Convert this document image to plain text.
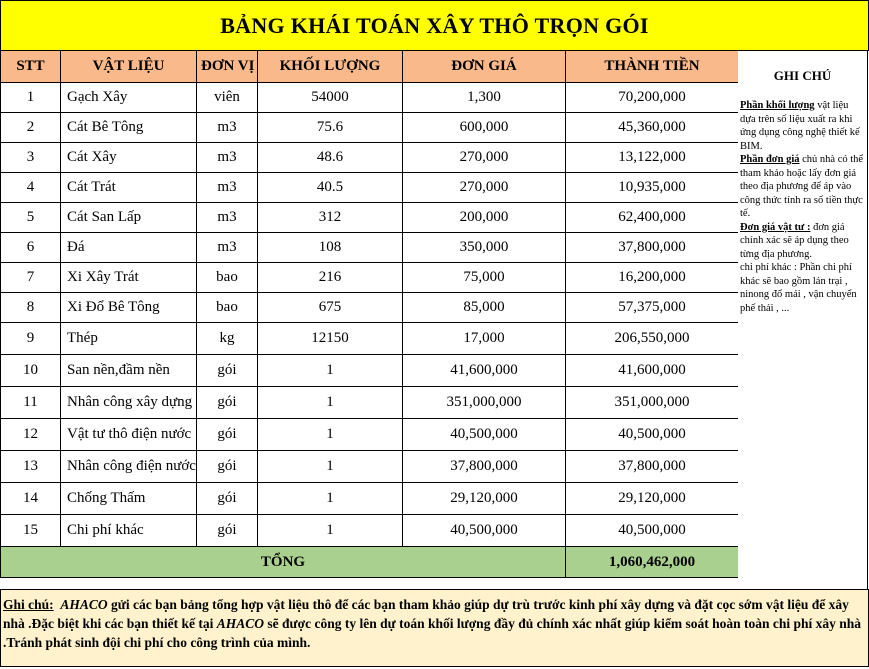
BẢNG KHÁI TOÁN XÂY THÔ TRỌN GÓI
STT	VẬT LIỆU	ĐƠN VỊ	KHỐI LƯỢNG	ĐƠN GIÁ	THÀNH TIỀN
1	Gạch Xây	viên	54000	1,300	70,200,000
2	Cát Bê Tông	m3	75.6	600,000	45,360,000
3	Cát Xây	m3	48.6	270,000	13,122,000
4	Cát Trát	m3	40.5	270,000	10,935,000
5	Cát San Lấp	m3	312	200,000	62,400,000
6	Đá	m3	108	350,000	37,800,000
7	Xi Xây Trát	bao	216	75,000	16,200,000
8	Xi Đổ Bê Tông	bao	675	85,000	57,375,000
9	Thép	kg	12150	17,000	206,550,000
10	San nền,đầm nền	gói	1	41,600,000	41,600,000
11	Nhân công xây dựng	gói	1	351,000,000	351,000,000
12	Vật tư thô điện nước	gói	1	40,500,000	40,500,000
13	Nhân công điện nước	gói	1	37,800,000	37,800,000
14	Chống Thấm	gói	1	29,120,000	29,120,000
15	Chi phí khác	gói	1	40,500,000	40,500,000
TỔNG					1,060,462,000
GHI CHÚ
Phần khối lượng vật liệu dựa trên số liệu xuất ra khi ứng dụng công nghệ thiết kế BIM.
Phần đơn giá chủ nhà có thể tham khảo hoặc lấy đơn giá theo địa phương để áp vào công thức tính ra số tiền thực tế.
Đơn giá vật tư : đơn giá chính xác sẽ áp dụng theo từng địa phương.
chi phí khác : Phần chi phí khác sẽ bao gồm lán trại , ninong đổ mái , vận chuyển phế thải , ...
Ghi chú: AHACO gửi các bạn bảng tổng hợp vật liệu thô để các bạn tham khảo giúp dự trù trước kinh phí xây dựng và đặt cọc sớm vật liệu để xây nhà .Đặc biệt khi các bạn thiết kế tại AHACO sẽ được công ty lên dự toán khối lượng đầy đủ chính xác nhất giúp kiểm soát hoàn toàn chi phí xây nhà .Tránh phát sinh đội chi phí cho công trình của mình.
